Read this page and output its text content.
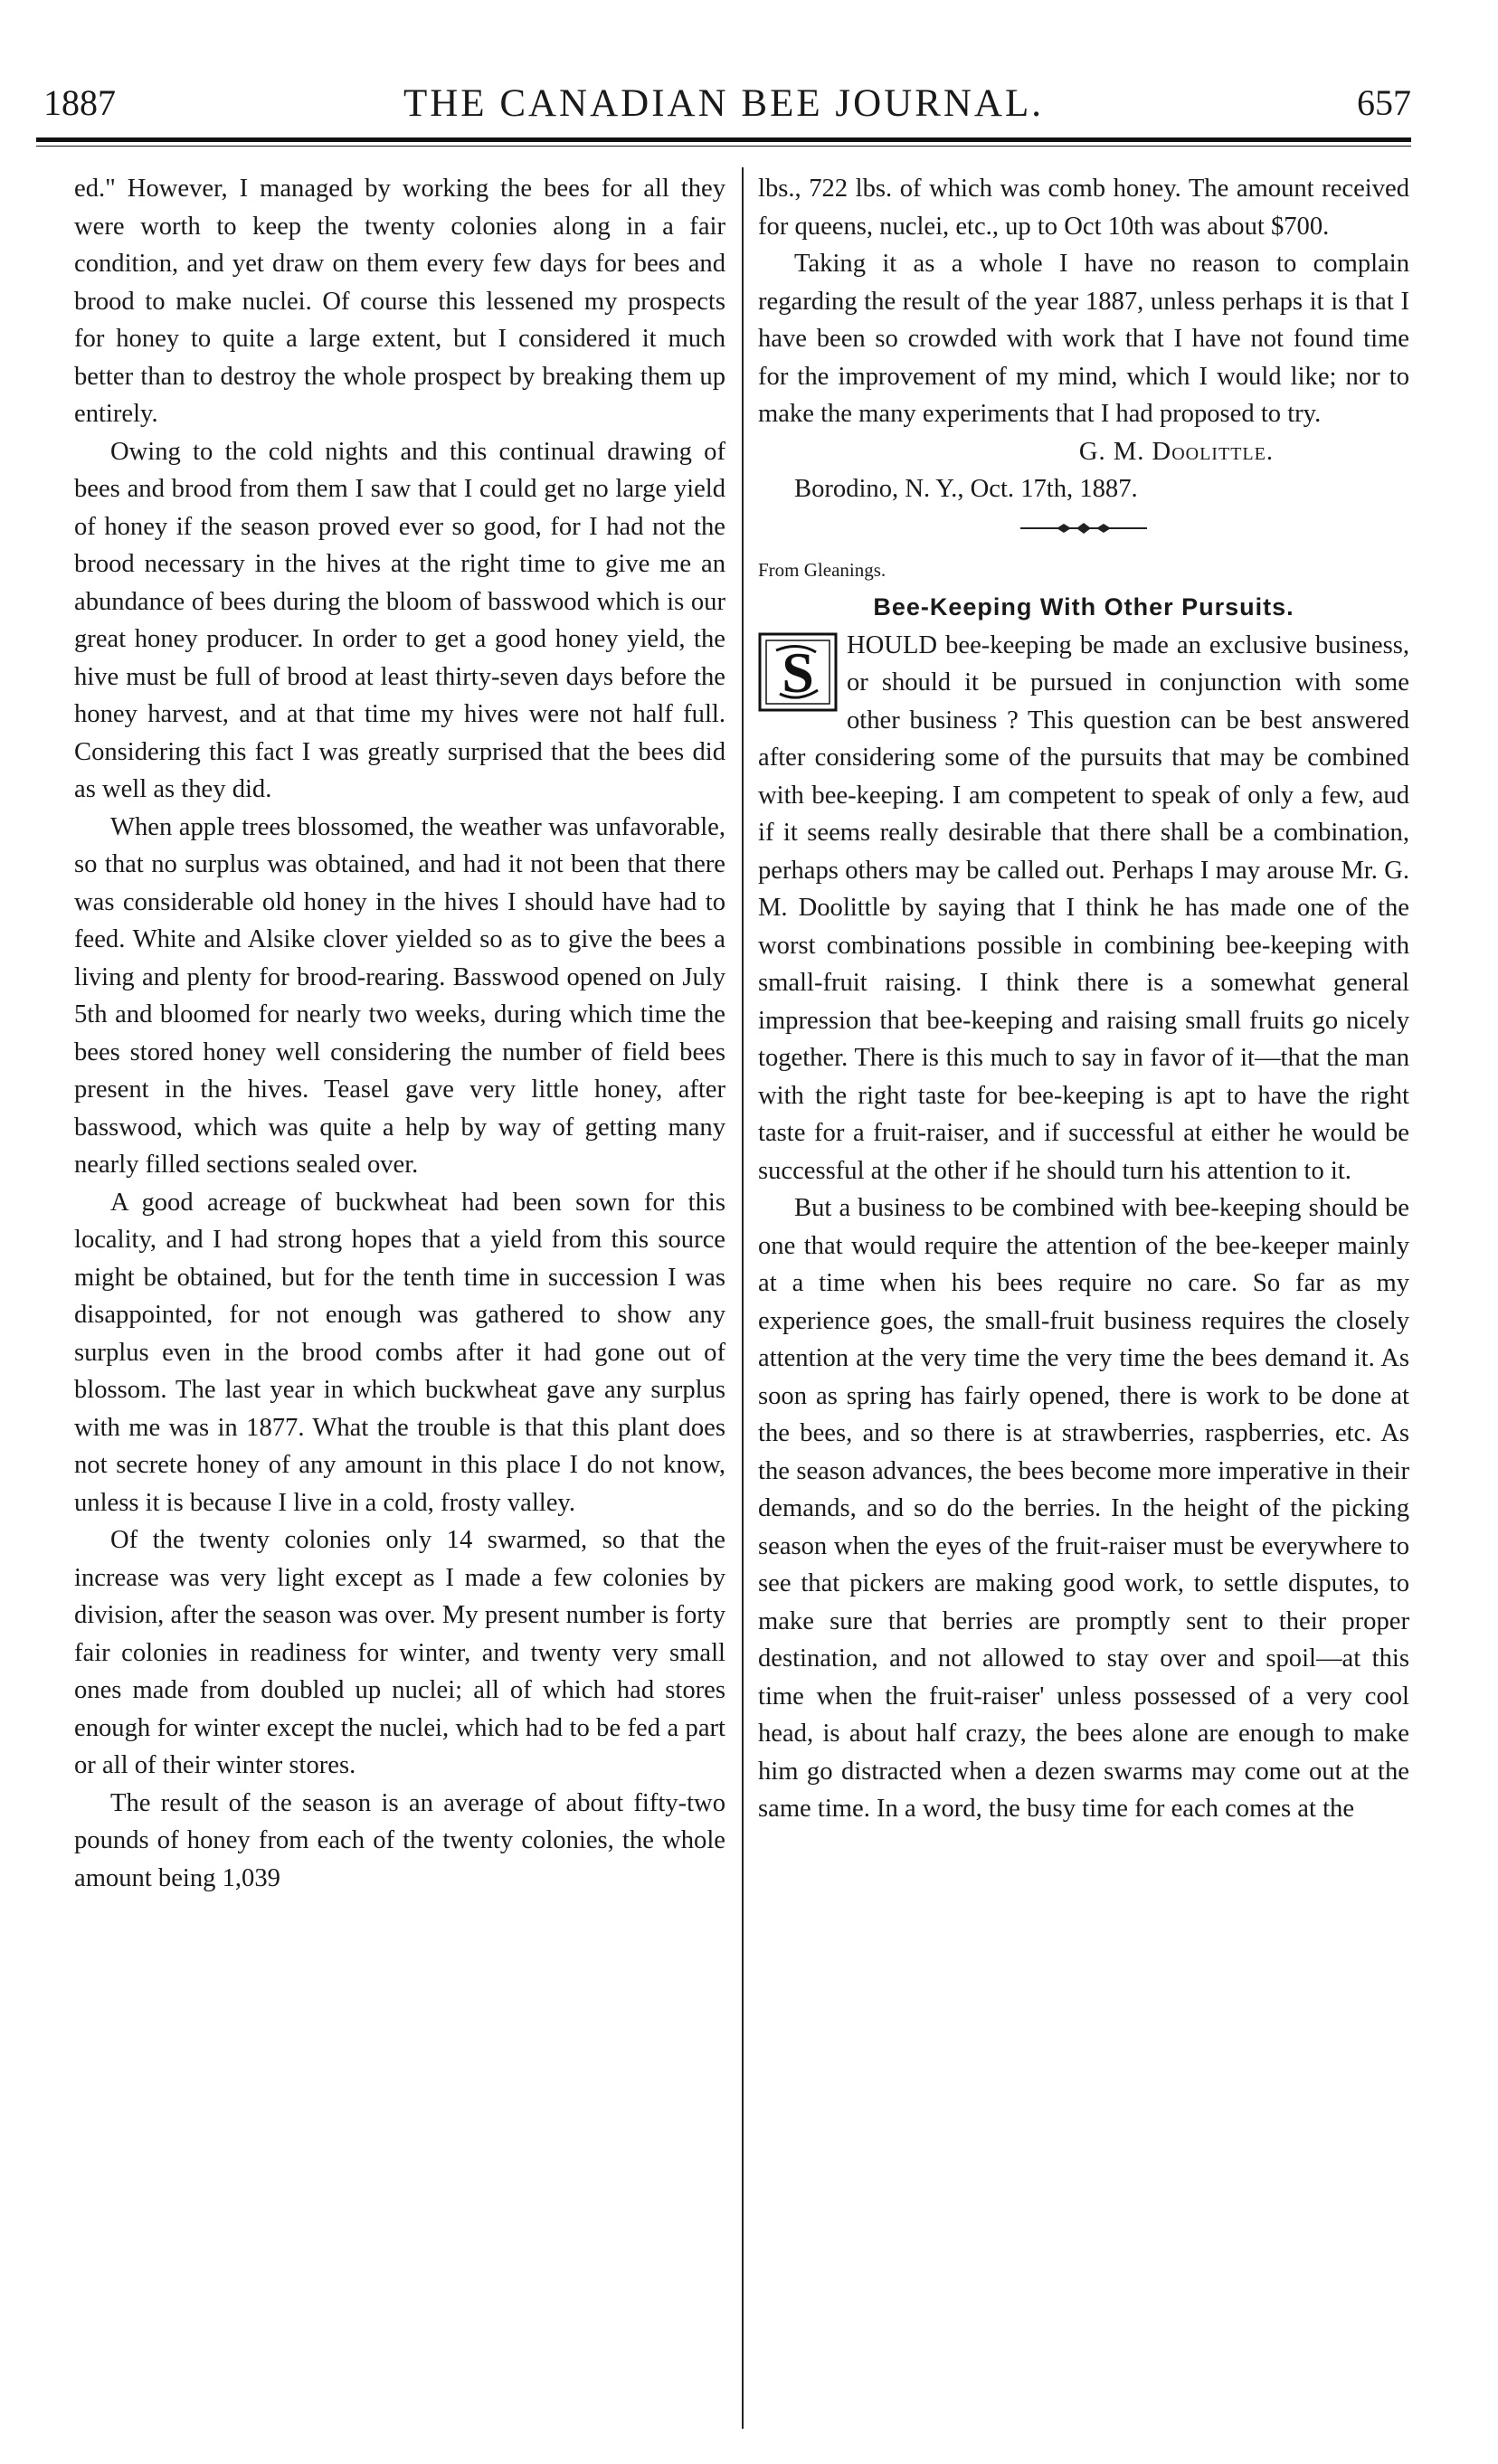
1887	THE CANADIAN BEE JOURNAL.	657

ed." However, I managed by working the bees for all they were worth to keep the twenty colonies along in a fair condition, and yet draw on them every few days for bees and brood to make nuclei. Of course this lessened my prospects for honey to quite a large extent, but I considered it much better than to destroy the whole prospect by breaking them up entirely.

Owing to the cold nights and this continual drawing of bees and brood from them I saw that I could get no large yield of honey if the season proved ever so good, for I had not the brood necessary in the hives at the right time to give me an abundance of bees during the bloom of basswood which is our great honey producer. In order to get a good honey yield, the hive must be full of brood at least thirty-seven days before the honey harvest, and at that time my hives were not half full. Considering this fact I was greatly surprised that the bees did as well as they did.

When apple trees blossomed, the weather was unfavorable, so that no surplus was obtained, and had it not been that there was considerable old honey in the hives I should have had to feed. White and Alsike clover yielded so as to give the bees a living and plenty for brood-rearing. Basswood opened on July 5th and bloomed for nearly two weeks, during which time the bees stored honey well considering the number of field bees present in the hives. Teasel gave very little honey, after basswood, which was quite a help by way of getting many nearly filled sections sealed over.

A good acreage of buckwheat had been sown for this locality, and I had strong hopes that a yield from this source might be obtained, but for the tenth time in succession I was disappointed, for not enough was gathered to show any surplus even in the brood combs after it had gone out of blossom. The last year in which buckwheat gave any surplus with me was in 1877. What the trouble is that this plant does not secrete honey of any amount in this place I do not know, unless it is because I live in a cold, frosty valley.

Of the twenty colonies only 14 swarmed, so that the increase was very light except as I made a few colonies by division, after the season was over. My present number is forty fair colonies in readiness for winter, and twenty very small ones made from doubled up nuclei; all of which had stores enough for winter except the nuclei, which had to be fed a part or all of their winter stores.

The result of the season is an average of about fifty-two pounds of honey from each of the twenty colonies, the whole amount being 1,039

lbs., 722 lbs. of which was comb honey. The amount received for queens, nuclei, etc., up to Oct 10th was about $700.

Taking it as a whole I have no reason to complain regarding the result of the year 1887, unless perhaps it is that I have been so crowded with work that I have not found time for the improvement of my mind, which I would like; nor to make the many experiments that I had proposed to try.

G. M. Doolittle.

Borodino, N. Y., Oct. 17th, 1887.

From Gleanings.

Bee-Keeping With Other Pursuits.

S	HOULD bee-keeping be made an exclusive business, or should it be pursued in conjunction with some other business ? This question can be best answered after considering some of the pursuits that may be combined with bee-keeping. I am competent to speak of only a few, aud if it seems really desirable that there shall be a combination, perhaps others may be called out. Perhaps I may arouse Mr. G. M. Doolittle by saying that I think he has made one of the worst combinations possible in combining bee-keeping with small-fruit raising. I think there is a somewhat general impression that bee-keeping and raising small fruits go nicely together. There is this much to say in favor of it—that the man with the right taste for bee-keeping is apt to have the right taste for a fruit-raiser, and if successful at either he would be successful at the other if he should turn his attention to it.

But a business to be combined with bee-keeping should be one that would require the attention of the bee-keeper mainly at a time when his bees require no care. So far as my experience goes, the small-fruit business requires the closely attention at the very time the very time the bees demand it. As soon as spring has fairly opened, there is work to be done at the bees, and so there is at strawberries, raspberries, etc. As the season advances, the bees become more imperative in their demands, and so do the berries. In the height of the picking season when the eyes of the fruit-raiser must be everywhere to see that pickers are making good work, to settle disputes, to make sure that berries are promptly sent to their proper destination, and not allowed to stay over and spoil—at this time when the fruit-raiser' unless possessed of a very cool head, is about half crazy, the bees alone are enough to make him go distracted when a dezen swarms may come out at the same time. In a word, the busy time for each comes at the
